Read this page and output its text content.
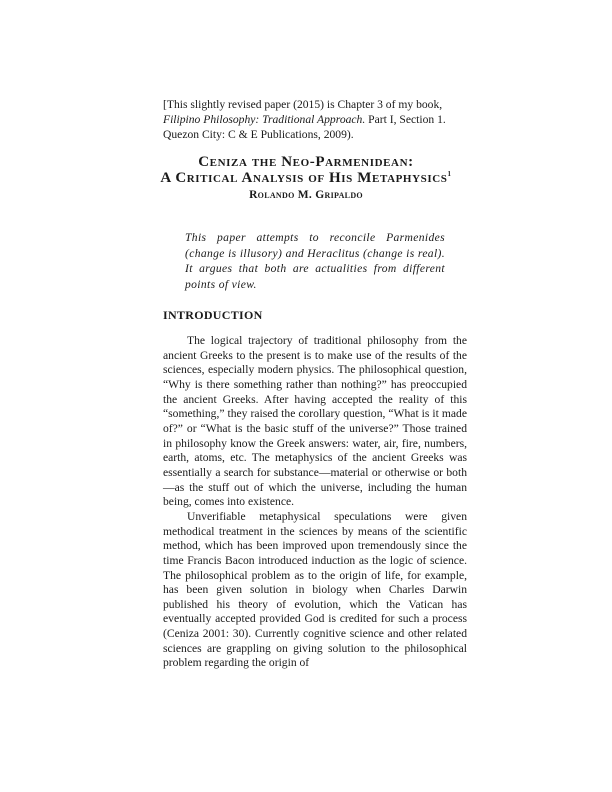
[This slightly revised paper (2015) is Chapter 3 of my book, Filipino Philosophy: Traditional Approach. Part I, Section 1. Quezon City: C & E Publications, 2009).
Ceniza the Neo-Parmenidean:
A Critical Analysis of His Metaphysics$^1$
Rolando M. Gripaldo
This paper attempts to reconcile Parmenides (change is illusory) and Heraclitus (change is real). It argues that both are actualities from different points of view.
INTRODUCTION

The logical trajectory of traditional philosophy from the ancient Greeks to the present is to make use of the results of the sciences, especially modern physics. The philosophical question, “Why is there something rather than nothing?” has preoccupied the ancient Greeks. After having accepted the reality of this “something,” they raised the corollary question, “What is it made of?” or “What is the basic stuff of the universe?” Those trained in philosophy know the Greek answers: water, air, fire, numbers, earth, atoms, etc. The metaphysics of the ancient Greeks was essentially a search for substance—material or otherwise or both—as the stuff out of which the universe, including the human being, comes into existence.

Unverifiable metaphysical speculations were given methodical treatment in the sciences by means of the scientific method, which has been improved upon tremendously since the time Francis Bacon introduced induction as the logic of science. The philosophical problem as to the origin of life, for example, has been given solution in biology when Charles Darwin published his theory of evolution, which the Vatican has eventually accepted provided God is credited for such a process (Ceniza 2001: 30). Currently cognitive science and other related sciences are grappling on giving solution to the philosophical problem regarding the origin of
